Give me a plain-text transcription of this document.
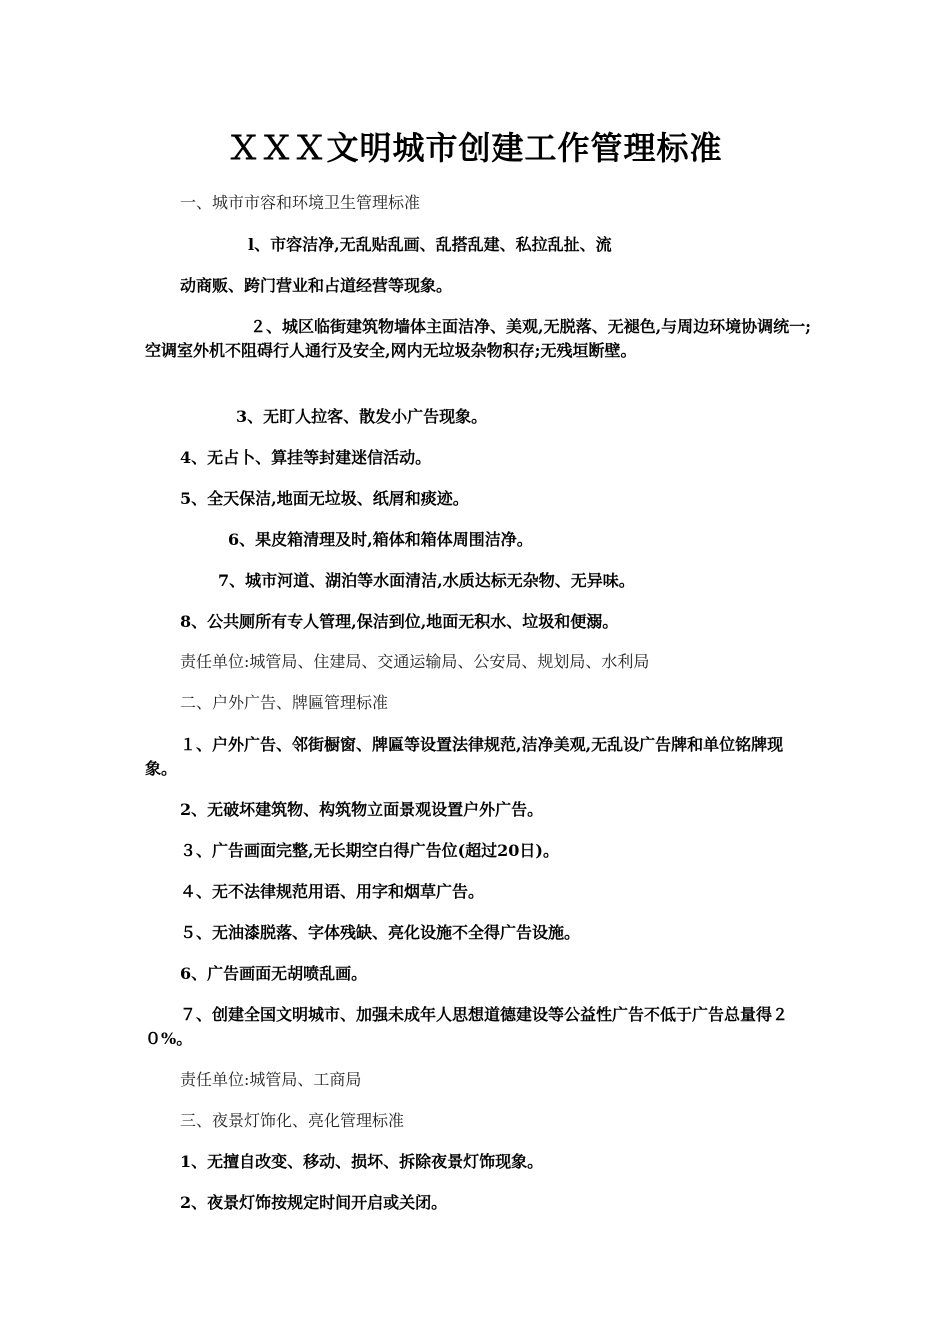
ＸＸＸ文明城市创建工作管理标准
一、城市市容和环境卫生管理标准
l、市容洁净,无乱贴乱画、乱搭乱建、私拉乱扯、流
动商贩、跨门营业和占道经营等现象。
２、城区临街建筑物墙体主面洁净、美观,无脱落、无褪色,与周边环境协调统一;空调室外机不阻碍行人通行及安全,网内无垃圾杂物积存;无残垣断壁。
3、无盯人拉客、散发小广告现象。
4、无占卜、算挂等封建迷信活动。
5、全天保洁,地面无垃圾、纸屑和痰迹。
6、果皮箱清理及时,箱体和箱体周围洁净。
7、城市河道、湖泊等水面清洁,水质达标无杂物、无异味。
8、公共厕所有专人管理,保洁到位,地面无积水、垃圾和便溺。
责任单位:城管局、住建局、交通运输局、公安局、规划局、水利局
二、户外广告、牌匾管理标准
１、户外广告、邻街橱窗、牌匾等设置法律规范,洁净美观,无乱设广告牌和单位铭牌现象。
2、无破坏建筑物、构筑物立面景观设置户外广告。
３、广告画面完整,无长期空白得广告位(超过20日)。
４、无不法律规范用语、用字和烟草广告。
５、无油漆脱落、字体残缺、亮化设施不全得广告设施。
6、广告画面无胡喷乱画。
７、创建全国文明城市、加强未成年人思想道德建设等公益性广告不低于广告总量得２０%。
责任单位:城管局、工商局
三、夜景灯饰化、亮化管理标准
1、无擅自改变、移动、损坏、拆除夜景灯饰现象。
2、夜景灯饰按规定时间开启或关闭。
